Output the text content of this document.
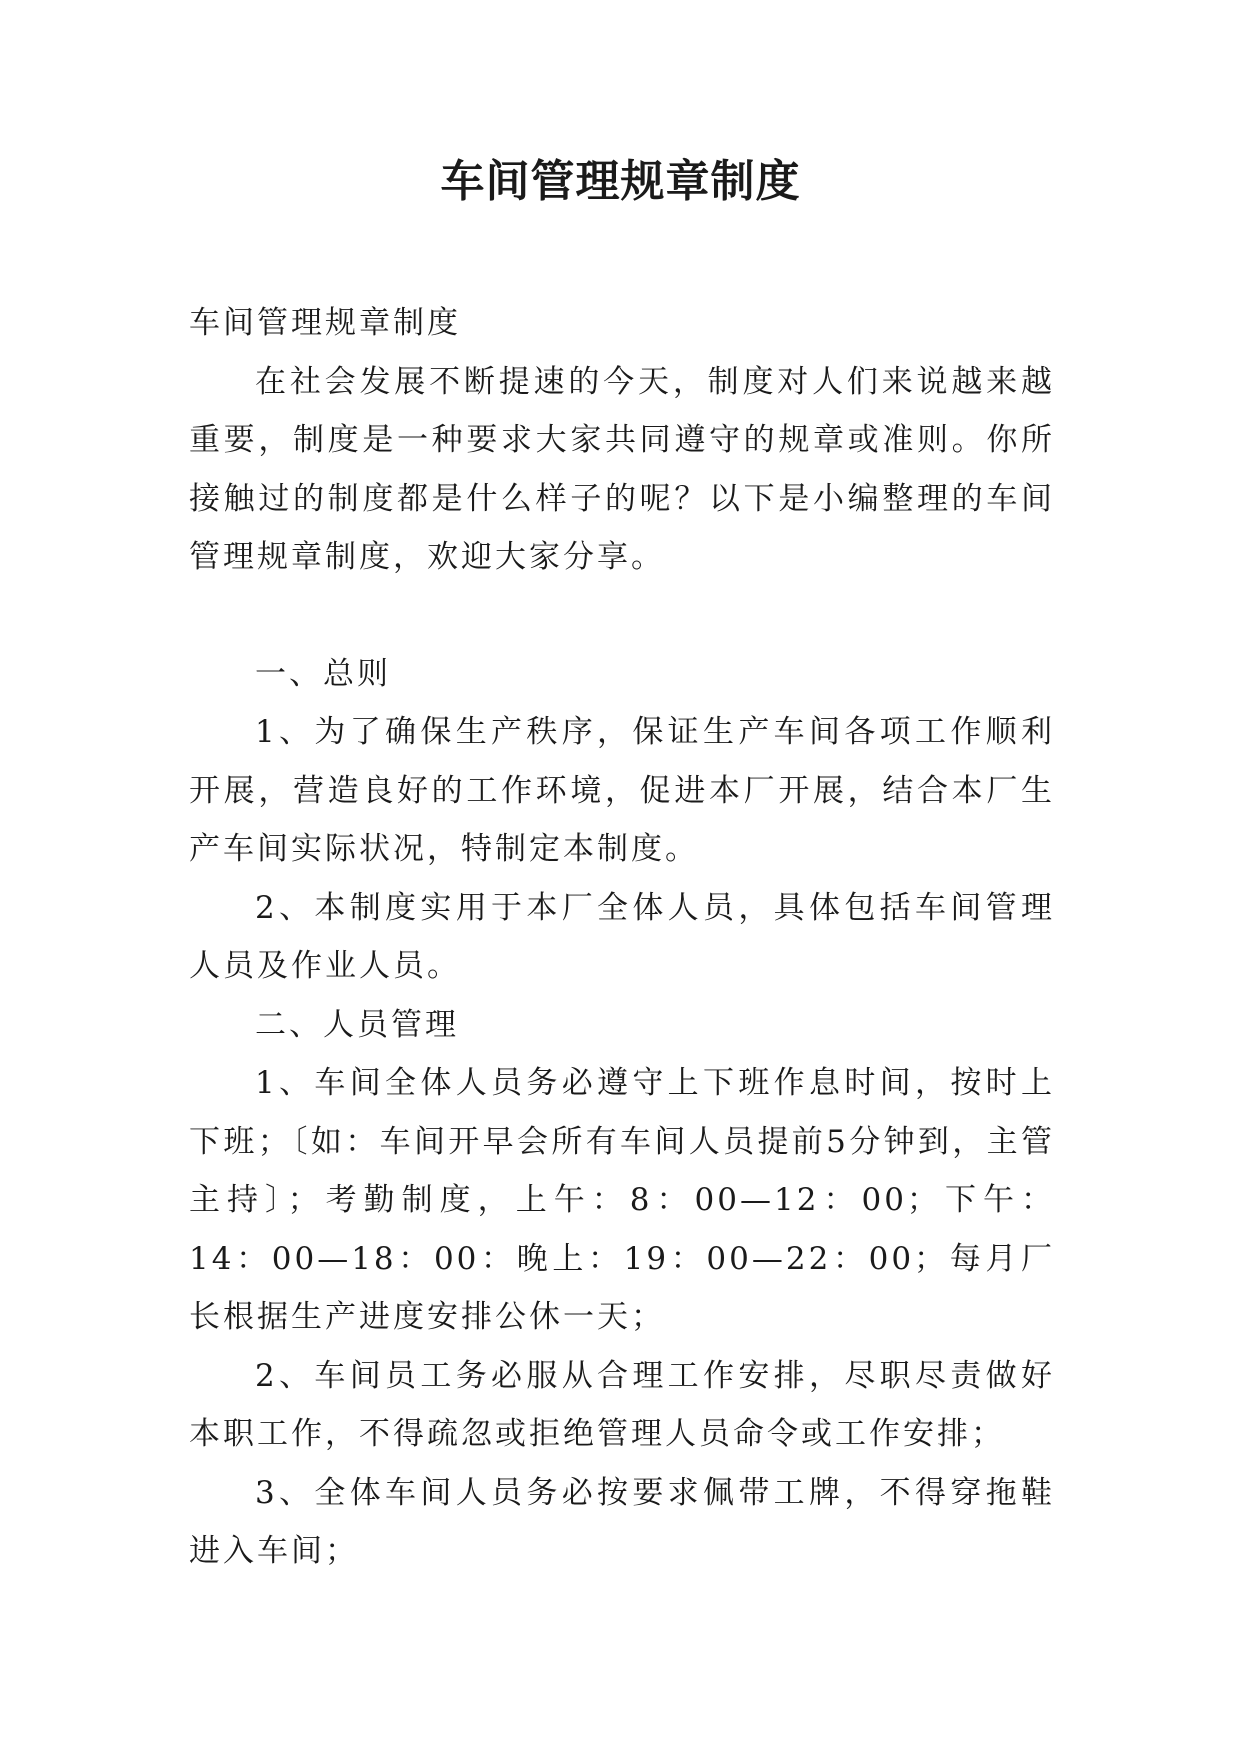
车间管理规章制度

车间管理规章制度

在社会发展不断提速的今天，制度对人们来说越来越重要，制度是一种要求大家共同遵守的规章或准则。你所接触过的制度都是什么样子的呢？以下是小编整理的车间管理规章制度，欢迎大家分享。

一、总则

1、为了确保生产秩序，保证生产车间各项工作顺利开展，营造良好的工作环境，促进本厂开展，结合本厂生产车间实际状况，特制定本制度。

2、本制度实用于本厂全体人员，具体包括车间管理人员及作业人员。

二、人员管理

1、车间全体人员务必遵守上下班作息时间，按时上下班；〔如：车间开早会所有车间人员提前5分钟到，主管主持〕；考勤制度，上午：8：00—12：00；下午：14：00—18：00：晚上：19：00—22：00；每月厂长根据生产进度安排公休一天；

2、车间员工务必服从合理工作安排，尽职尽责做好本职工作，不得疏忽或拒绝管理人员命令或工作安排；

3、全体车间人员务必按要求佩带工牌，不得穿拖鞋进入车间；
